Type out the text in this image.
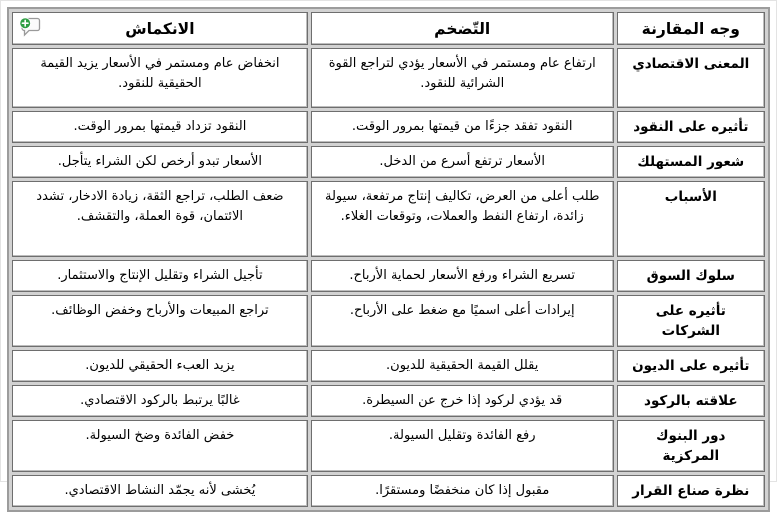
وجه المقارنة	التّضخم	الانكماش
المعنى الاقتصادي	ارتفاع عام ومستمر في الأسعار يؤدي لتراجع القوة الشرائية للنقود.	انخفاض عام ومستمر في الأسعار يزيد القيمة الحقيقية للنقود.
تأثيره على النقود	النقود تفقد جزءًا من قيمتها بمرور الوقت.	النقود تزداد قيمتها بمرور الوقت.
شعور المستهلك	الأسعار ترتفع أسرع من الدخل.	الأسعار تبدو أرخص لكن الشراء يتأجل.
الأسباب	طلب أعلى من العرض، تكاليف إنتاج مرتفعة، سيولة زائدة، ارتفاع النفط والعملات، وتوقعات الغلاء.	ضعف الطلب، تراجع الثقة، زيادة الادخار، تشدد الائتمان، قوة العملة، والتقشف.
سلوك السوق	تسريع الشراء ورفع الأسعار لحماية الأرباح.	تأجيل الشراء وتقليل الإنتاج والاستثمار.
تأثيره على الشركات	إيرادات أعلى اسميًا مع ضغط على الأرباح.	تراجع المبيعات والأرباح وخفض الوظائف.
تأثيره على الديون	يقلل القيمة الحقيقية للديون.	يزيد العبء الحقيقي للديون.
علاقته بالركود	قد يؤدي لركود إذا خرج عن السيطرة.	غالبًا يرتبط بالركود الاقتصادي.
دور البنوك المركزية	رفع الفائدة وتقليل السيولة.	خفض الفائدة وضخ السيولة.
نظرة صناع القرار	مقبول إذا كان منخفضًا ومستقرًا.	يُخشى لأنه يجمّد النشاط الاقتصادي.
